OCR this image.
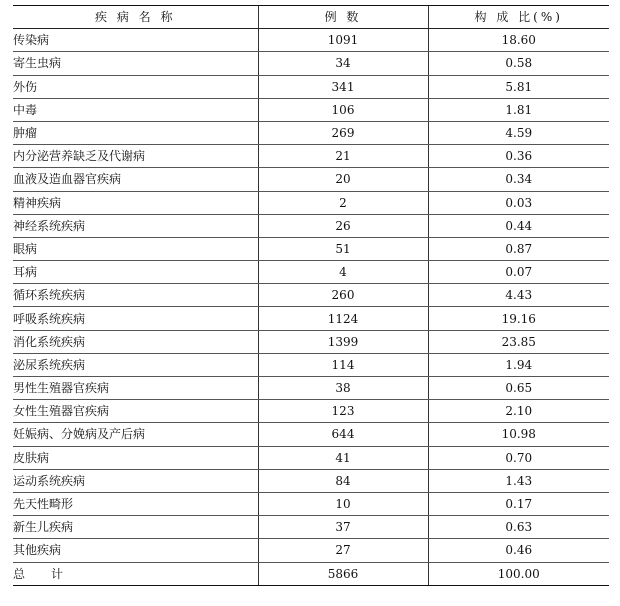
疾 病 名 称	例 数	构 成 比(%)
传染病	1091	18.60
寄生虫病	34	0.58
外伤	341	5.81
中毒	106	1.81
肿瘤	269	4.59
内分泌营养缺乏及代谢病	21	0.36
血液及造血器官疾病	20	0.34
精神疾病	2	0.03
神经系统疾病	26	0.44
眼病	51	0.87
耳病	4	0.07
循环系统疾病	260	4.43
呼吸系统疾病	1124	19.16
消化系统疾病	1399	23.85
泌尿系统疾病	114	1.94
男性生殖器官疾病	38	0.65
女性生殖器官疾病	123	2.10
妊娠病、分娩病及产后病	644	10.98
皮肤病	41	0.70
运动系统疾病	84	1.43
先天性畸形	10	0.17
新生儿疾病	37	0.63
其他疾病	27	0.46
总计	5866	100.00
